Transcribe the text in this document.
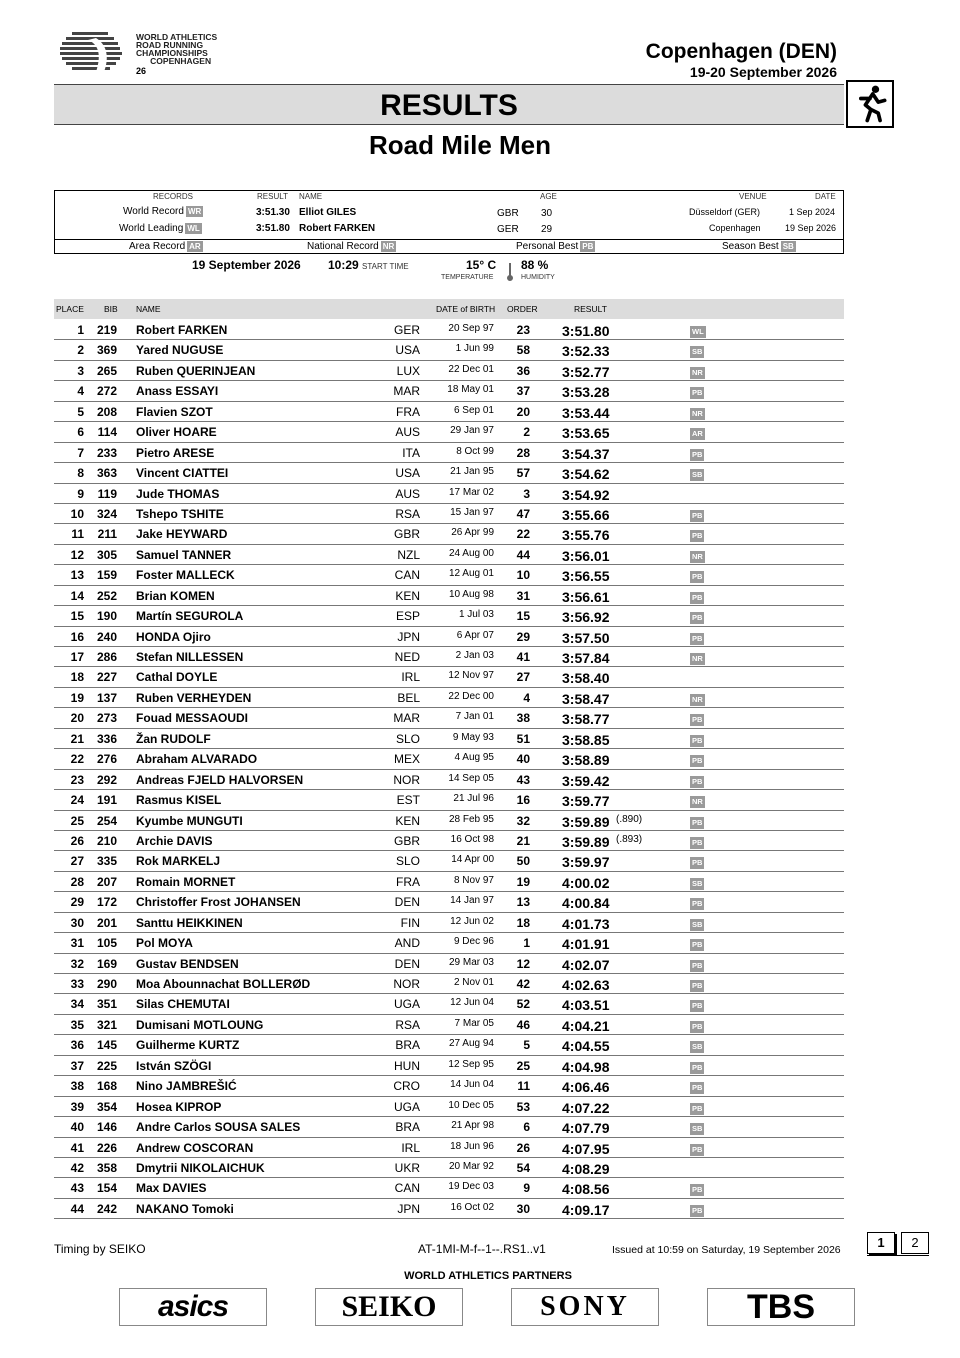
WORLD ATHLETICS
ROAD RUNNING
CHAMPIONSHIPS
COPENHAGEN
26
Copenhagen (DEN)
19-20 September 2026
RESULTS
Road Mile Men
RECORDS	RESULT NAME	AGE	VENUE	DATE
World Record WR	3:51.30 Elliot GILES	GBR 30	Düsseldorf (GER)	1 Sep 2024
World Leading WL	3:51.80 Robert FARKEN	GER 29	Copenhagen	19 Sep 2026
Area Record AR	National Record NR	Personal Best PB	Season Best SB
19 September 2026 10:29 START TIME	15° C
TEMPERATURE
88 %
HUMIDITY
PLACE BIB NAME	DATE of BIRTH ORDER	RESULT
1	219 Robert FARKEN	GER	20 Sep 97	23 3:51.80	WL
2	369 Yared NUGUSE	USA	1 Jun 99	58 3:52.33	SB
3	265 Ruben QUERINJEAN	LUX	22 Dec 01	36 3:52.77	NR
4	272 Anass ESSAYI	MAR	18 May 01	37 3:53.28	PB
5	208 Flavien SZOT	FRA	6 Sep 01	20 3:53.44	NR
6	114 Oliver HOARE	AUS	29 Jan 97	2 3:53.65	AR
7	233 Pietro ARESE	ITA	8 Oct 99	28 3:54.37	PB
8	363 Vincent CIATTEI	USA	21 Jan 95	57 3:54.62	SB
9	119 Jude THOMAS	AUS	17 Mar 02	3 3:54.92
10	324 Tshepo TSHITE	RSA	15 Jan 97	47 3:55.66	PB
11	211 Jake HEYWARD	GBR	26 Apr 99	22 3:55.76	PB
12	305 Samuel TANNER	NZL	24 Aug 00	44 3:56.01	NR
13	159 Foster MALLECK	CAN	12 Aug 01	10 3:56.55	PB
14	252 Brian KOMEN	KEN	10 Aug 98	31 3:56.61	PB
15	190 Martín SEGUROLA	ESP	1 Jul 03	15 3:56.92	PB
16	240 HONDA Ojiro	JPN	6 Apr 07	29 3:57.50	PB
17	286 Stefan NILLESSEN	NED	2 Jan 03	41 3:57.84	NR
18	227 Cathal DOYLE	IRL	12 Nov 97	27 3:58.40
19	137 Ruben VERHEYDEN	BEL	22 Dec 00	4 3:58.47	NR
20	273 Fouad MESSAOUDI	MAR	7 Jan 01	38 3:58.77	PB
21	336 Žan RUDOLF	SLO	9 May 93	51 3:58.85	PB
22	276 Abraham ALVARADO	MEX	4 Aug 95	40 3:58.89	PB
23	292 Andreas FJELD HALVORSEN	NOR	14 Sep 05	43 3:59.42	PB
24	191 Rasmus KISEL	EST	21 Jul 96	16 3:59.77	NR
25	254 Kyumbe MUNGUTI	KEN	28 Feb 95	32 3:59.89 (.890)	PB
26	210 Archie DAVIS	GBR	16 Oct 98	21 3:59.89 (.893)	PB
27	335 Rok MARKELJ	SLO	14 Apr 00	50 3:59.97	PB
28	207 Romain MORNET	FRA	8 Nov 97	19 4:00.02	SB
29	172 Christoffer Frost JOHANSEN	DEN	14 Jan 97	13 4:00.84	PB
30	201 Santtu HEIKKINEN	FIN	12 Jun 02	18 4:01.73	SB
31	105 Pol MOYA	AND	9 Dec 96	1 4:01.91	PB
32	169 Gustav BENDSEN	DEN	29 Mar 03	12 4:02.07	PB
33	290 Moa Abounnachat BOLLERØD	NOR	2 Nov 01	42 4:02.63	PB
34	351 Silas CHEMUTAI	UGA	12 Jun 04	52 4:03.51	PB
35	321 Dumisani MOTLOUNG	RSA	7 Mar 05	46 4:04.21	PB
36	145 Guilherme KURTZ	BRA	27 Aug 94	5 4:04.55	SB
37	225 István SZÖGI	HUN	12 Sep 95	25 4:04.98	PB
38	168 Nino JAMBREŠIĆ	CRO	14 Jun 04	11 4:06.46	PB
39	354 Hosea KIPROP	UGA	10 Dec 05	53 4:07.22	PB
40	146 Andre Carlos SOUSA SALES	BRA	21 Apr 98	6 4:07.79	SB
41	226 Andrew COSCORAN	IRL	18 Jun 96	26 4:07.95	PB
42	358 Dmytrii NIKOLAICHUK	UKR	20 Mar 92	54 4:08.29
43	154 Max DAVIES	CAN	19 Dec 03	9 4:08.56	PB
44	242 NAKANO Tomoki	JPN	16 Oct 02	30 4:09.17	PB
Timing by SEIKO	AT-1MI-M-f--1--.RS1..v1	Issued at 10:59 on Saturday, 19 September 2026	1	2
WORLD ATHLETICS PARTNERS
asics	SEIKO	SONY	TBS
